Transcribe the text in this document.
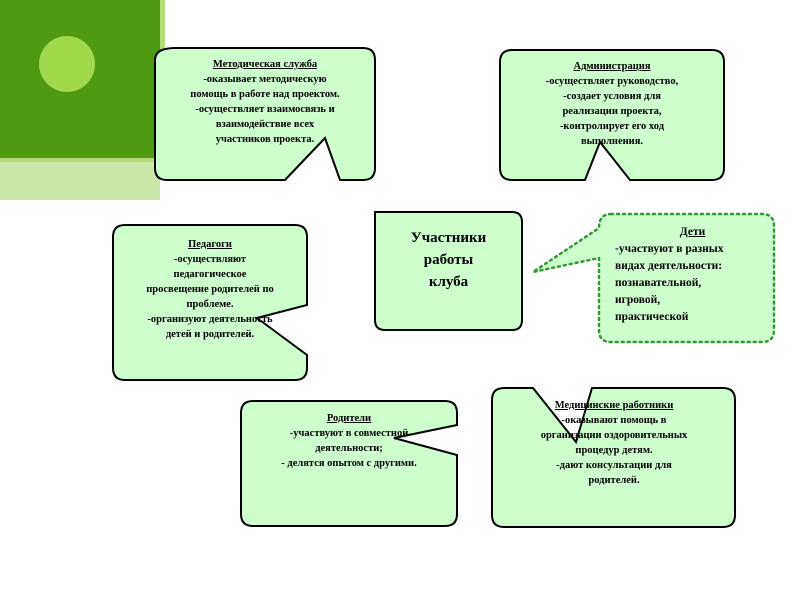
Методическая служба
-оказывает методическую
помощь в работе над проектом.
-осуществляет взаимосвязь и
взаимодействие всех
участников проекта.
Администрация
-осуществляет руководство,
-создает условия для
реализации проекта,
-контролирует его ход
выполнения.
Педагоги
-осуществляют
педагогическое
просвещение родителей по
проблеме.
-организуют деятельность
детей и родителей.
Участники
работы
клуба
Дети
-участвуют в разных
видах деятельности:
познавательной,
игровой,
практической
Родители
-участвуют в совместной
деятельности;
- делятся опытом с другими.
Медицинские работники
-оказывают помощь в
организации оздоровительных
процедур детям.
-дают консультации для
родителей.
